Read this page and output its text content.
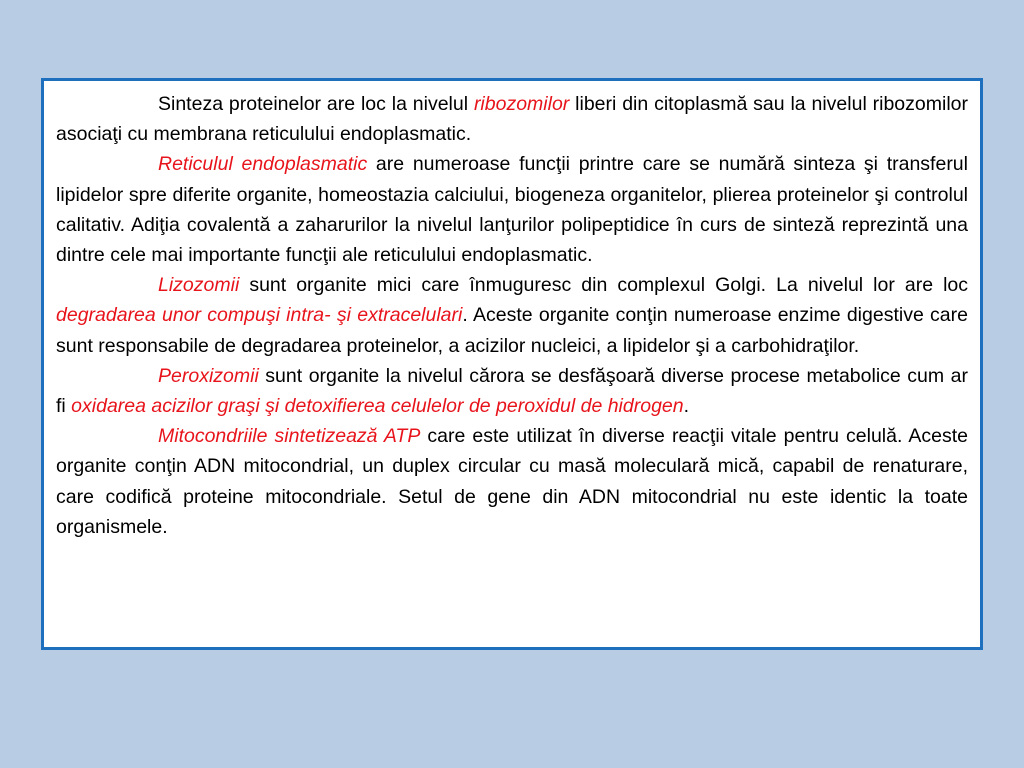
Sinteza proteinelor are loc la nivelul ribozomilor liberi din citoplasmă sau la nivelul ribozomilor asociaţi cu membrana reticulului endoplasmatic.

Reticulul endoplasmatic are numeroase funcţii printre care se numără sinteza şi transferul lipidelor spre diferite organite, homeostazia calciului, biogeneza organitelor, plierea proteinelor şi controlul calitativ. Adiţia covalentă a zaharurilor la nivelul lanţurilor polipeptidice în curs de sinteză reprezintă una dintre cele mai importante funcţii ale reticulului endoplasmatic.

Lizozomii sunt organite mici care înmuguresc din complexul Golgi. La nivelul lor are loc degradarea unor compuşi intra- şi extracelulari. Aceste organite conţin numeroase enzime digestive care sunt responsabile de degradarea proteinelor, a acizilor nucleici, a lipidelor şi a carbohidraţilor.

Peroxizomii sunt organite la nivelul cărora se desfăşoară diverse procese metabolice cum ar fi oxidarea acizilor graşi şi detoxifierea celulelor de peroxidul de hidrogen.

Mitocondriile sintetizează ATP care este utilizat în diverse reacţii vitale pentru celulă. Aceste organite conţin ADN mitocondrial, un duplex circular cu masă moleculară mică, capabil de renaturare, care codifică proteine mitocondriale. Setul de gene din ADN mitocondrial nu este identic la toate organismele.
